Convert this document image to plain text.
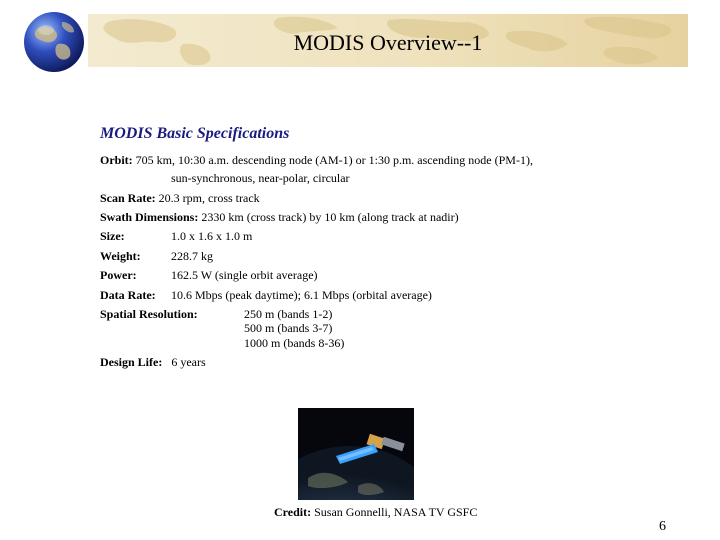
MODIS Overview--1
MODIS Basic Specifications
Orbit: 705 km, 10:30 a.m. descending node (AM-1) or 1:30 p.m. ascending node (PM-1),
sun-synchronous, near-polar, circular
Scan Rate: 20.3 rpm, cross track
Swath Dimensions: 2330 km (cross track) by 10 km (along track at nadir)
Size:	1.0 x 1.6 x 1.0 m
Weight:	228.7 kg
Power:	162.5 W (single orbit average)
Data Rate: 10.6 Mbps (peak daytime); 6.1 Mbps (orbital average)
Spatial Resolution:	250 m (bands 1-2)
500 m (bands 3-7)
1000 m (bands 8-36)
Design Life: 6 years
Credit: Susan Gonnelli, NASA TV GSFC
6
